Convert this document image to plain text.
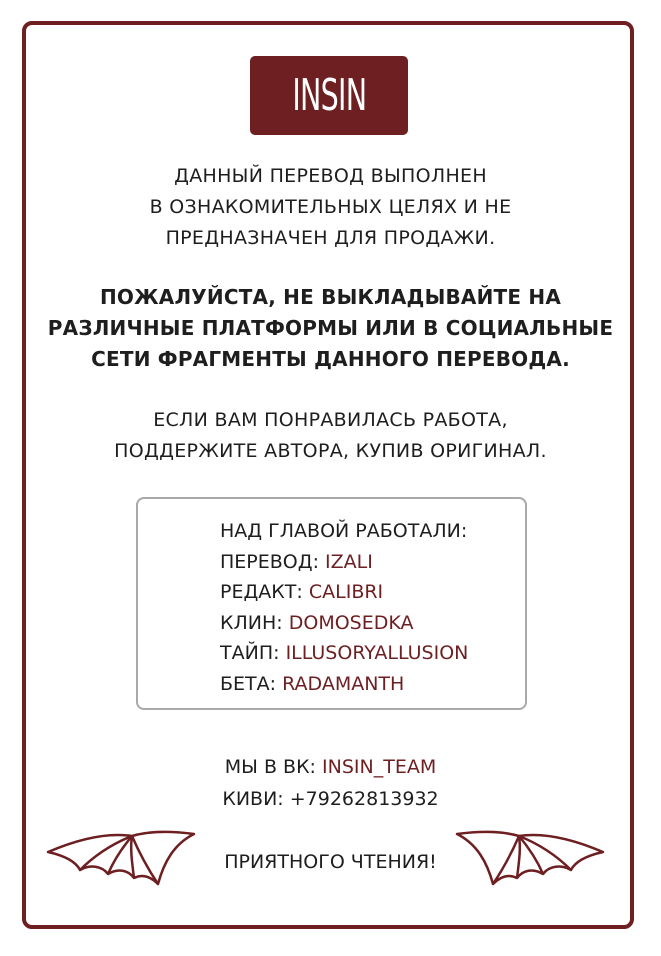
INSIN
ДАННЫЙ ПЕРЕВОД ВЫПОЛНЕН
В ОЗНАКОМИТЕЛЬНЫХ ЦЕЛЯХ И НЕ
ПРЕДНАЗНАЧЕН ДЛЯ ПРОДАЖИ.
ПОЖАЛУЙСТА, НЕ ВЫКЛАДЫВАЙТЕ НА
РАЗЛИЧНЫЕ ПЛАТФОРМЫ ИЛИ В СОЦИАЛЬНЫЕ
СЕТИ ФРАГМЕНТЫ ДАННОГО ПЕРЕВОДА.
ЕСЛИ ВАМ ПОНРАВИЛАСЬ РАБОТА,
ПОДДЕРЖИТЕ АВТОРА, КУПИВ ОРИГИНАЛ.
НАД ГЛАВОЙ РАБОТАЛИ:
ПЕРЕВОД: IZALI
РЕДАКТ: CALIBRI
КЛИН: DOMOSEDKA
ТАЙП: ILLUSORYALLUSION
БЕТА: RADAMANTH
МЫ В ВК: INSIN_TEAM
КИВИ: +79262813932
ПРИЯТНОГО ЧТЕНИЯ!
